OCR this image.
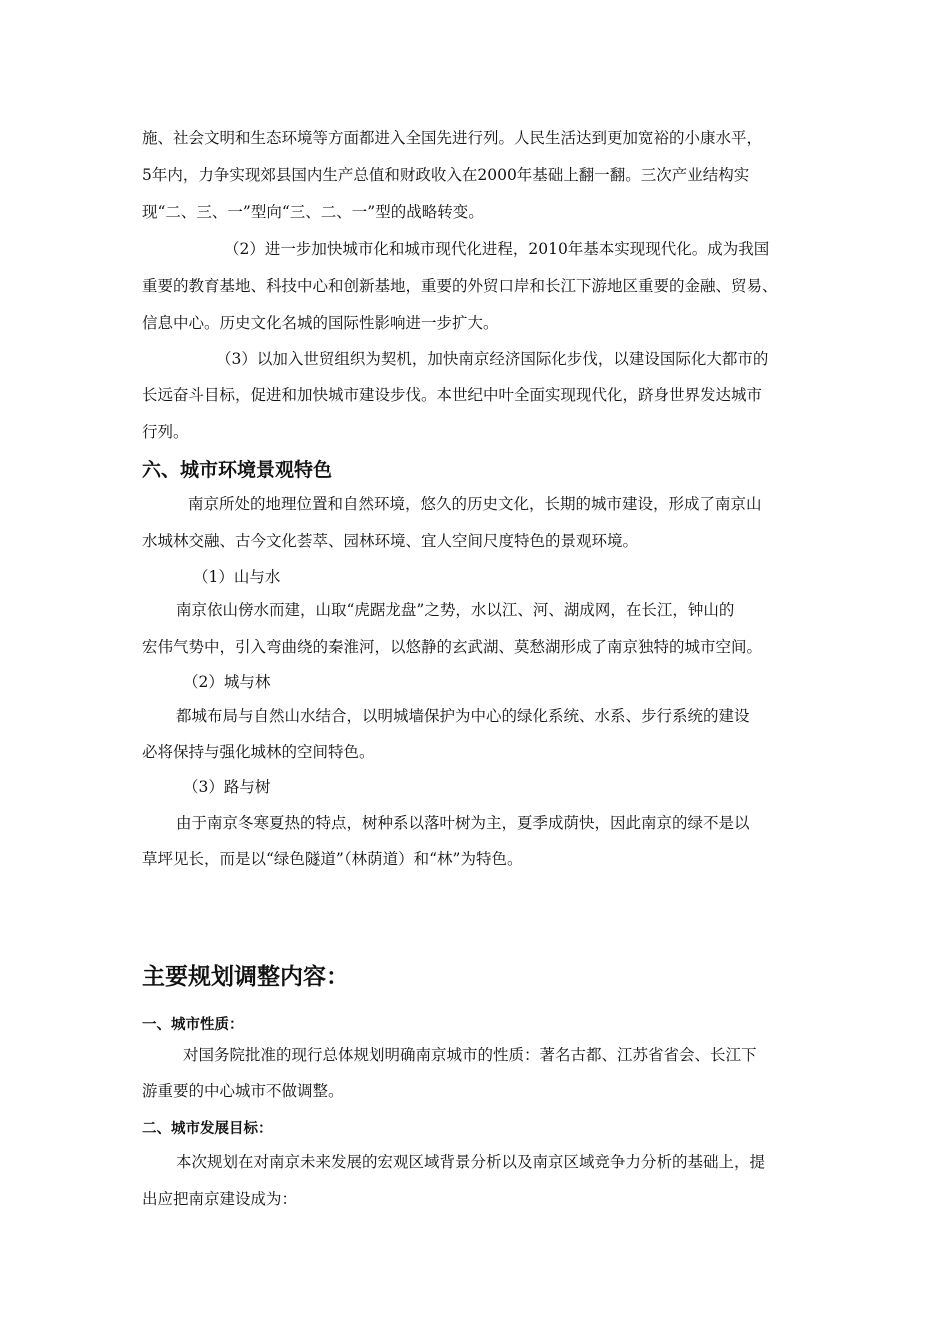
施、社会文明和生态环境等方面都进入全国先进行列。人民生活达到更加宽裕的小康水平，
5年内，力争实现郊县国内生产总值和财政收入在2000年基础上翻一翻。三次产业结构实
现“二、三、一”型向“三、二、一”型的战略转变。
（2）进一步加快城市化和城市现代化进程，2010年基本实现现代化。成为我国
重要的教育基地、科技中心和创新基地，重要的外贸口岸和长江下游地区重要的金融、贸易、
信息中心。历史文化名城的国际性影响进一步扩大。
（3）以加入世贸组织为契机，加快南京经济国际化步伐，以建设国际化大都市的
长远奋斗目标，促进和加快城市建设步伐。本世纪中叶全面实现现代化，跻身世界发达城市
行列。
六、城市环境景观特色
南京所处的地理位置和自然环境，悠久的历史文化，长期的城市建设，形成了南京山
水城林交融、古今文化荟萃、园林环境、宜人空间尺度特色的景观环境。
（1）山与水
南京依山傍水而建，山取“虎踞龙盘”之势，水以江、河、湖成网，在长江，钟山的
宏伟气势中，引入弯曲绕的秦淮河，以悠静的玄武湖、莫愁湖形成了南京独特的城市空间。
（2）城与林
都城布局与自然山水结合，以明城墙保护为中心的绿化系统、水系、步行系统的建设
必将保持与强化城林的空间特色。
（3）路与树
由于南京冬寒夏热的特点，树种系以落叶树为主，夏季成荫快，因此南京的绿不是以
草坪见长，而是以“绿色隧道”（林荫道）和“林”为特色。
主要规划调整内容：
一、城市性质：
对国务院批准的现行总体规划明确南京城市的性质：著名古都、江苏省省会、长江下
游重要的中心城市不做调整。
二、城市发展目标：
本次规划在对南京未来发展的宏观区域背景分析以及南京区域竞争力分析的基础上，提
出应把南京建设成为：
